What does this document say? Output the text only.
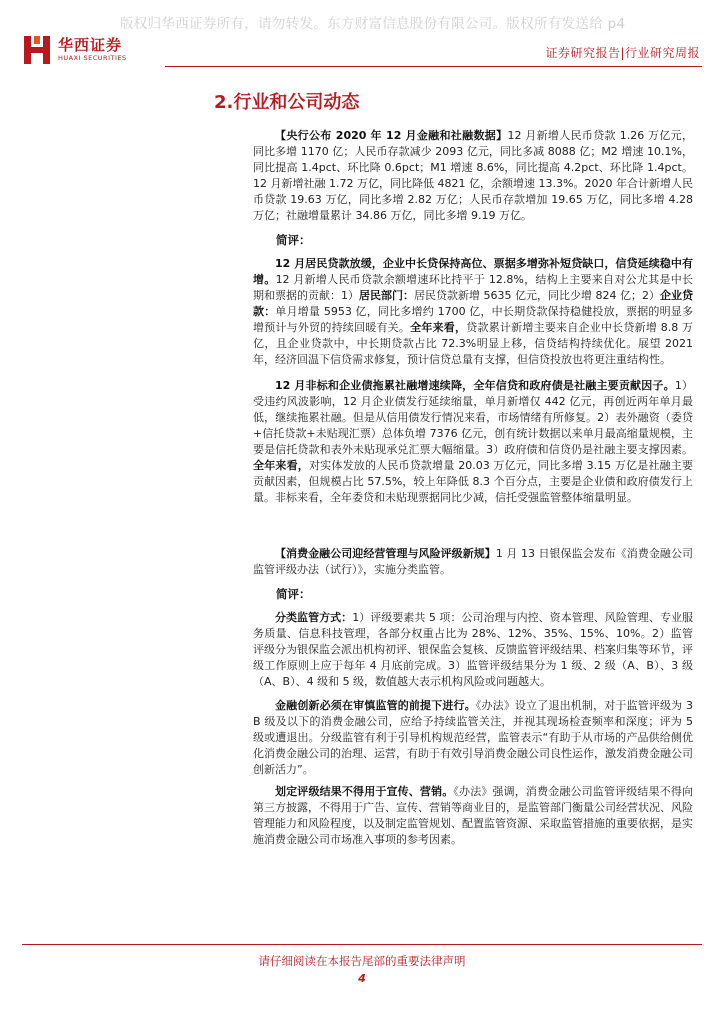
版权归华西证券所有，请勿转发。东方财富信息股份有限公司。版权所有发送给 p4
华西证券
HUAXI SECURITIES	证券研究报告|行业研究周报
2.行业和公司动态

【央行公布 2020 年 12 月金融和社融数据】12 月新增人民币贷款 1.26 万亿元，同比多增 1170 亿；人民币存款减少 2093 亿元，同比多减 8088 亿；M2 增速 10.1%，同比提高 1.4pct、环比降 0.6pct；M1 增速 8.6%，同比提高 4.2pct、环比降 1.4pct。12 月新增社融 1.72 万亿，同比降低 4821 亿，余额增速 13.3%。2020 年合计新增人民币贷款 19.63 万亿，同比多增 2.82 万亿；人民币存款增加 19.65 万亿，同比多增 4.28 万亿；社融增量累计 34.86 万亿，同比多增 9.19 万亿。

简评：

12 月居民贷款放缓，企业中长贷保持高位、票据多增弥补短贷缺口，信贷延续稳中有增。12 月新增人民币贷款余额增速环比持平于 12.8%，结构上主要来自对公尤其是中长期和票据的贡献：1）居民部门：居民贷款新增 5635 亿元，同比少增 824 亿；2）企业贷款：单月增量 5953 亿，同比多增约 1700 亿，中长期贷款保持稳健投放，票据的明显多增预计与外贸的持续回暖有关。全年来看，贷款累计新增主要来自企业中长贷新增 8.8 万亿，且企业贷款中，中长期贷款占比 72.3%明显上移，信贷结构持续优化。展望 2021 年，经济回温下信贷需求修复，预计信贷总量有支撑，但信贷投放也将更注重结构性。

12 月非标和企业债拖累社融增速续降，全年信贷和政府债是社融主要贡献因子。1）受违约风波影响，12 月企业债发行延续缩量，单月新增仅 442 亿元，再创近两年单月最低，继续拖累社融。但是从信用债发行情况来看，市场情绪有所修复。2）表外融资（委贷+信托贷款+未贴现汇票）总体负增 7376 亿元，创有统计数据以来单月最高缩量规模，主要是信托贷款和表外未贴现承兑汇票大幅缩量。3）政府债和信贷仍是社融主要支撑因素。全年来看，对实体发放的人民币贷款增量 20.03 万亿元，同比多增 3.15 万亿是社融主要贡献因素，但规模占比 57.5%，较上年降低 8.3 个百分点，主要是企业债和政府债发行上量。非标来看，全年委贷和未贴现票据同比少减，信托受强监管整体缩量明显。

【消费金融公司迎经营管理与风险评级新规】1 月 13 日银保监会发布《消费金融公司监管评级办法（试行）》，实施分类监管。

简评：

分类监管方式：1）评级要素共 5 项：公司治理与内控、资本管理、风险管理、专业服务质量、信息科技管理，各部分权重占比为 28%、12%、35%、15%、10%。2）监管评级分为银保监会派出机构初评、银保监会复核、反馈监管评级结果、档案归集等环节，评级工作原则上应于每年 4 月底前完成。3）监管评级结果分为 1 级、2 级（A、B）、3 级（A、B）、4 级和 5 级，数值越大表示机构风险或问题越大。

金融创新必须在审慎监管的前提下进行。《办法》设立了退出机制，对于监管评级为 3B 级及以下的消费金融公司，应给予持续监管关注，并视其现场检查频率和深度；评为 5 级或遭退出。分级监管有利于引导机构规范经营，监管表示“有助于从市场的产品供给侧优化消费金融公司的治理、运营，有助于有效引导消费金融公司良性运作，激发消费金融公司创新活力”。

划定评级结果不得用于宣传、营销。《办法》强调，消费金融公司监管评级结果不得向第三方披露，不得用于广告、宣传、营销等商业目的，是监管部门衡量公司经营状况、风险管理能力和风险程度，以及制定监管规划、配置监管资源、采取监管措施的重要依据，是实施消费金融公司市场准入事项的参考因素。

请仔细阅读在本报告尾部的重要法律声明
4
